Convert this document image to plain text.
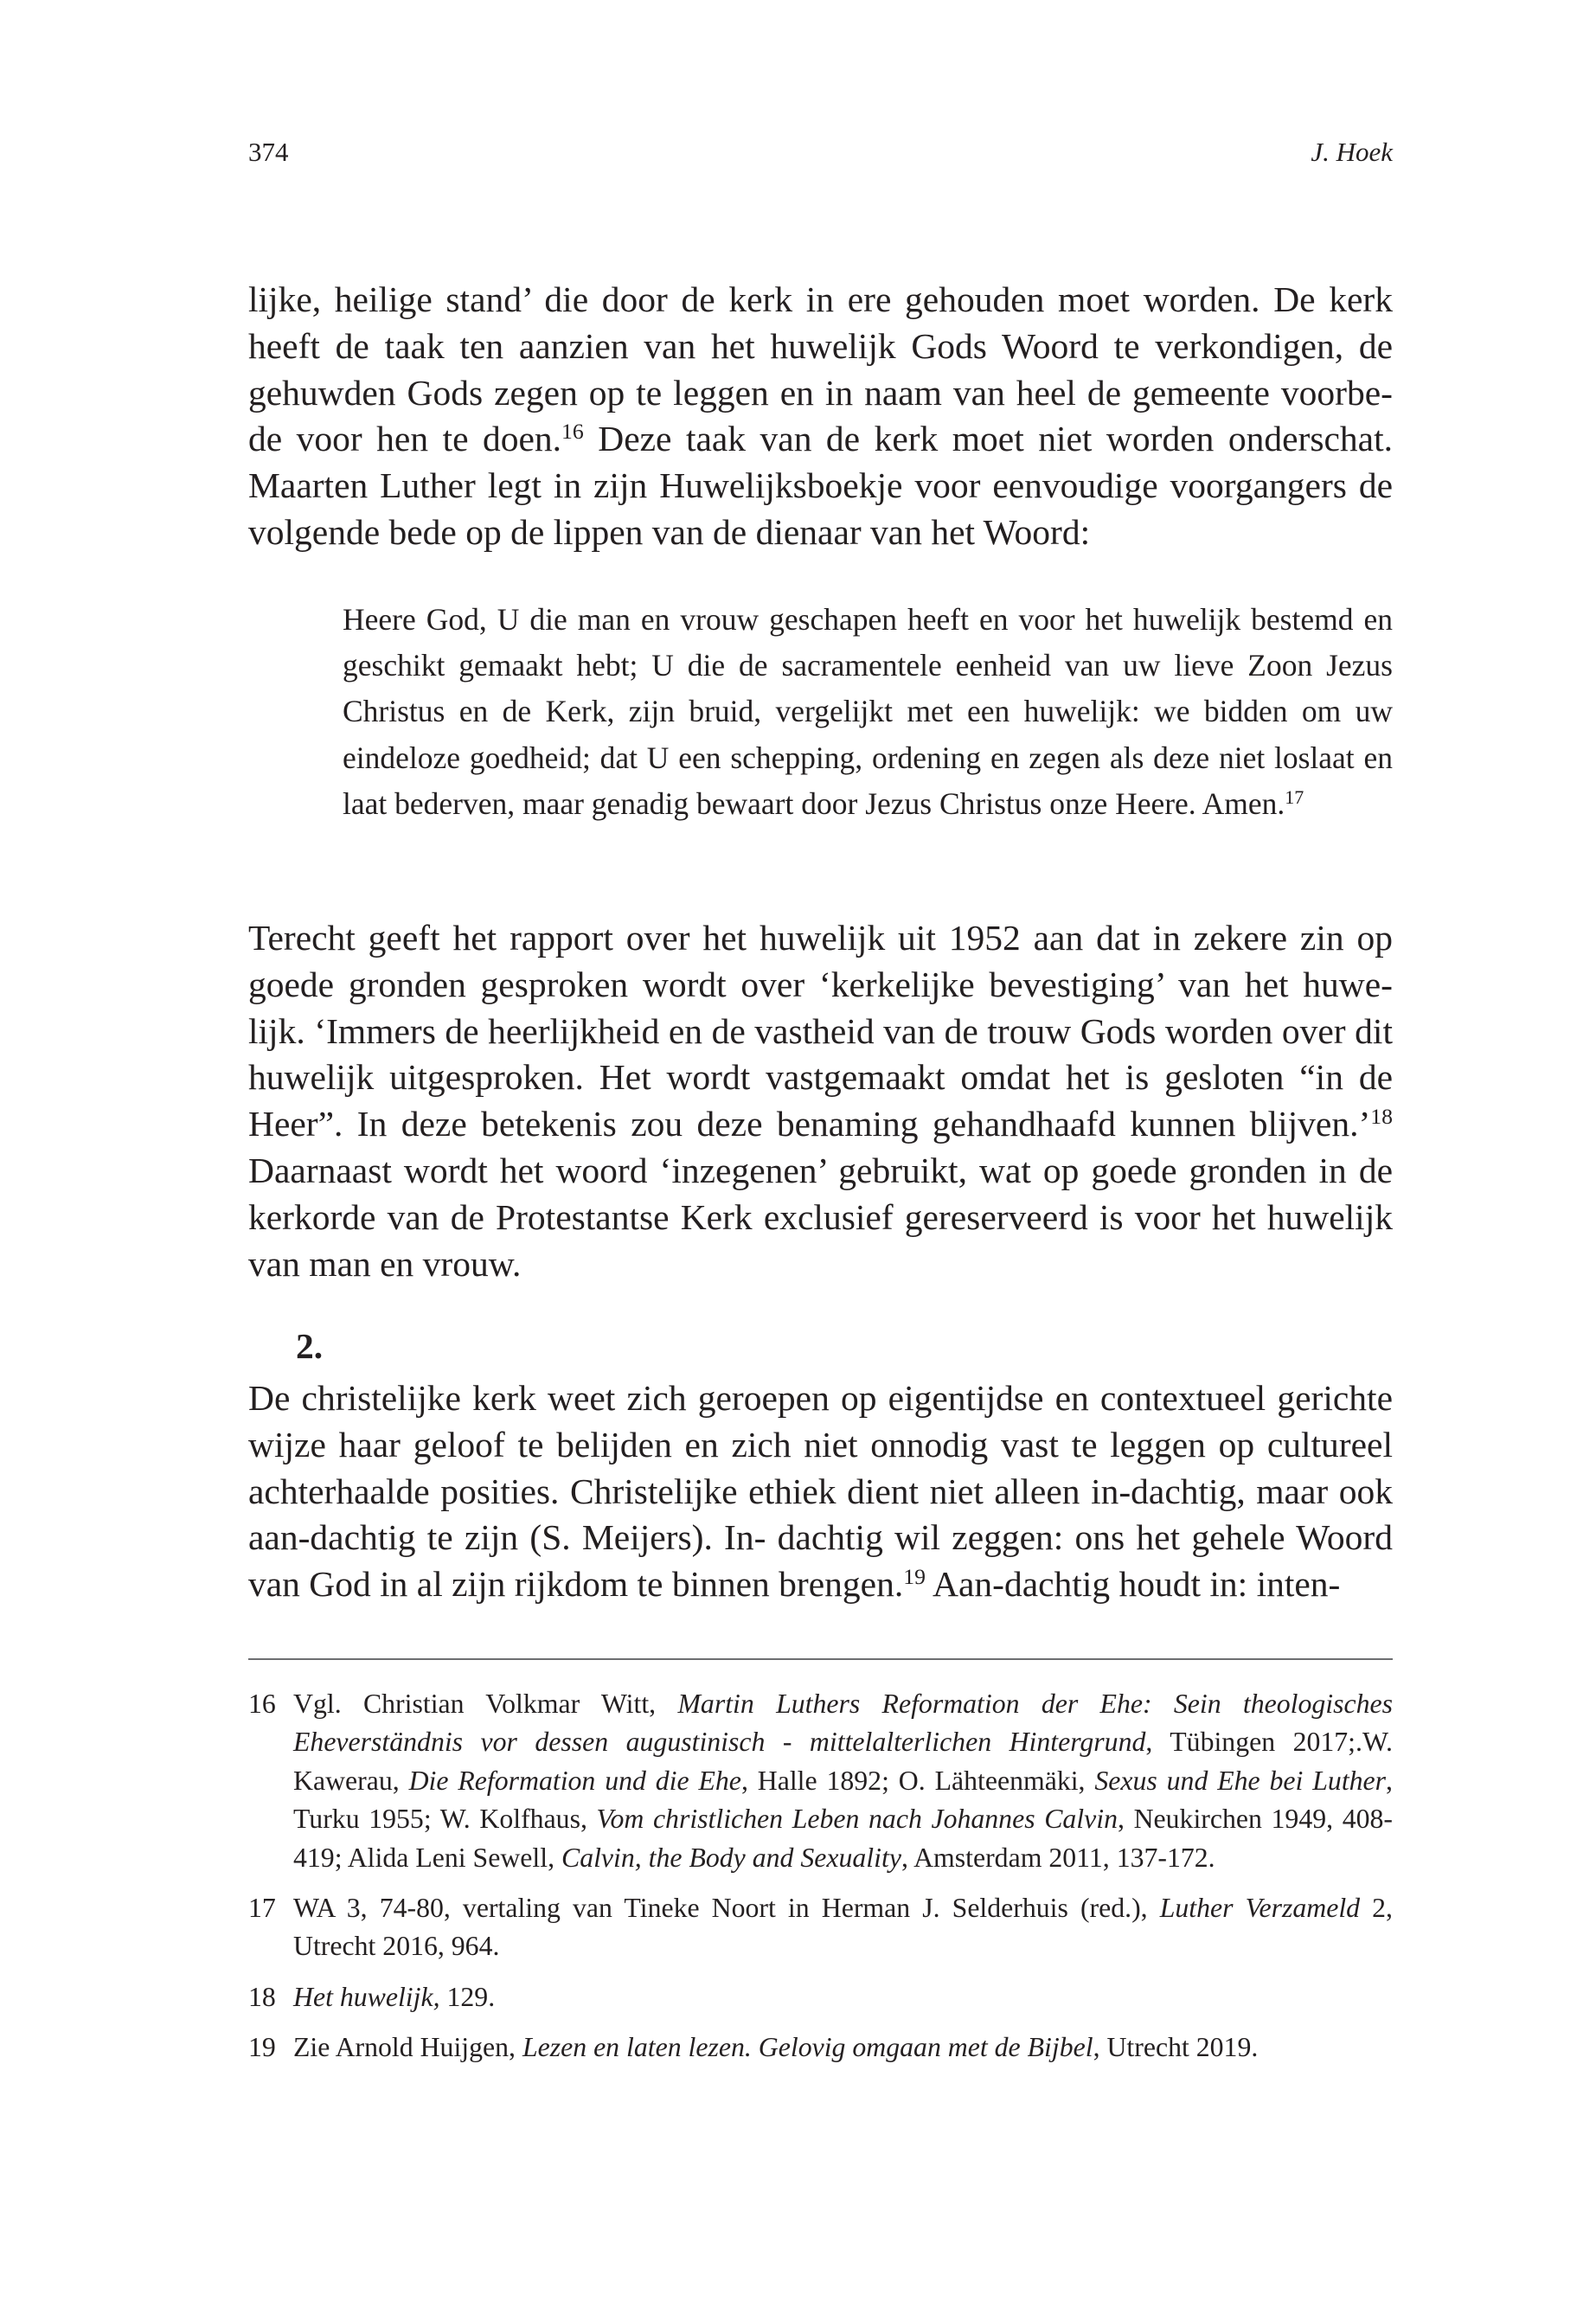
374	J. Hoek

lijke, heilige stand’ die door de kerk in ere gehouden moet worden. De kerk heeft de taak ten aanzien van het huwelijk Gods Woord te verkondigen, de gehuwden Gods zegen op te leggen en in naam van heel de gemeente voorbe-de voor hen te doen.$^{16}$ Deze taak van de kerk moet niet worden onderschat. Maarten Luther legt in zijn Huwelijksboekje voor eenvoudige voorgangers de volgende bede op de lippen van de dienaar van het Woord:

Heere God, U die man en vrouw geschapen heeft en voor het huwelijk bestemd en geschikt gemaakt hebt; U die de sacramentele eenheid van uw lieve Zoon Jezus Christus en de Kerk, zijn bruid, vergelijkt met een huwelijk: we bidden om uw eindeloze goedheid; dat U een schepping, ordening en zegen als deze niet loslaat en laat bederven, maar genadig bewaart door Jezus Christus onze Heere. Amen.$^{17}$

Terecht geeft het rapport over het huwelijk uit 1952 aan dat in zekere zin op goede gronden gesproken wordt over ‘kerkelijke bevestiging’ van het huwe-lijk. ‘Immers de heerlijkheid en de vastheid van de trouw Gods worden over dit huwelijk uitgesproken. Het wordt vastgemaakt omdat het is gesloten “in de Heer”. In deze betekenis zou deze benaming gehandhaafd kunnen blijven.’$^{18}$ Daarnaast wordt het woord ‘inzegenen’ gebruikt, wat op goede gronden in de kerkorde van de Protestantse Kerk exclusief gereserveerd is voor het huwelijk van man en vrouw.

2.

De christelijke kerk weet zich geroepen op eigentijdse en contextueel gerichte wijze haar geloof te belijden en zich niet onnodig vast te leggen op cultureel achterhaalde posities. Christelijke ethiek dient niet alleen in-dachtig, maar ook aan-dachtig te zijn (S. Meijers). In- dachtig wil zeggen: ons het gehele Woord van God in al zijn rijkdom te binnen brengen.$^{19}$ Aan-dachtig houdt in: inten-

16 Vgl. Christian Volkmar Witt, Martin Luthers Reformation der Ehe: Sein theologisches Eheverständnis vor dessen augustinisch - mittelalterlichen Hintergrund, Tübingen 2017;.W. Kawerau, Die Reformation und die Ehe, Halle 1892; O. Lähteenmäki, Sexus und Ehe bei Luther, Turku 1955; W. Kolfhaus, Vom christlichen Leben nach Johannes Calvin, Neukirchen 1949, 408-419; Alida Leni Sewell, Calvin, the Body and Sexuality, Amsterdam 2011, 137-172.
17 WA 3, 74-80, vertaling van Tineke Noort in Herman J. Selderhuis (red.), Luther Verzameld 2, Utrecht 2016, 964.
18 Het huwelijk, 129.
19 Zie Arnold Huijgen, Lezen en laten lezen. Gelovig omgaan met de Bijbel, Utrecht 2019.
